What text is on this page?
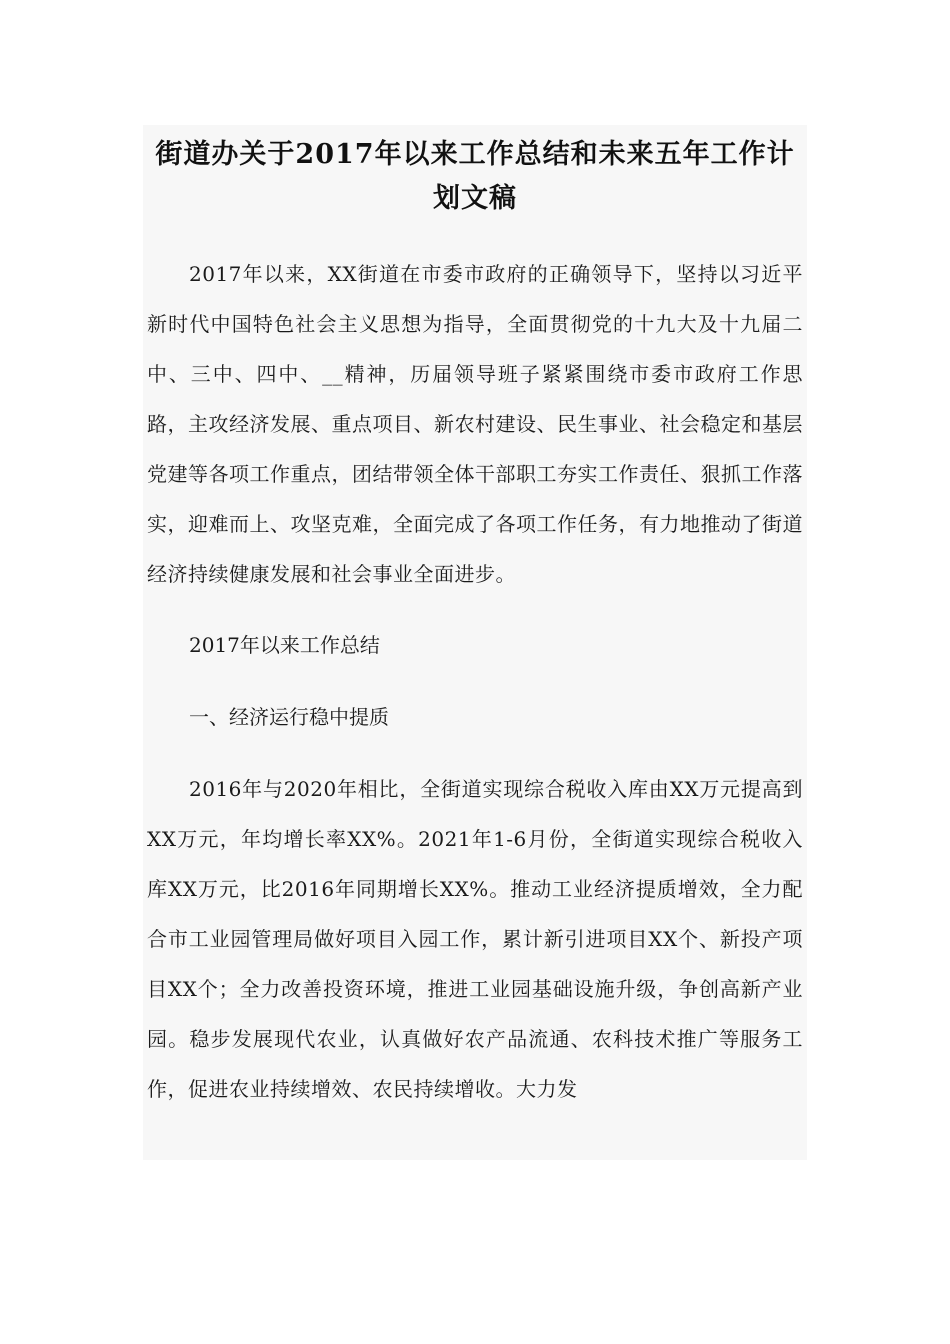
街道办关于2017年以来工作总结和未来五年工作计划文稿

2017年以来，XX街道在市委市政府的正确领导下，坚持以习近平新时代中国特色社会主义思想为指导，全面贯彻党的十九大及十九届二中、三中、四中、__精神，历届领导班子紧紧围绕市委市政府工作思路，主攻经济发展、重点项目、新农村建设、民生事业、社会稳定和基层党建等各项工作重点，团结带领全体干部职工夯实工作责任、狠抓工作落实，迎难而上、攻坚克难，全面完成了各项工作任务，有力地推动了街道经济持续健康发展和社会事业全面进步。

2017年以来工作总结

一、经济运行稳中提质

2016年与2020年相比，全街道实现综合税收入库由XX万元提高到XX万元，年均增长率XX%。2021年1-6月份，全街道实现综合税收入库XX万元，比2016年同期增长XX%。推动工业经济提质增效，全力配合市工业园管理局做好项目入园工作，累计新引进项目XX个、新投产项目XX个；全力改善投资环境，推进工业园基础设施升级，争创高新产业园。稳步发展现代农业，认真做好农产品流通、农科技术推广等服务工作，促进农业持续增效、农民持续增收。大力发
